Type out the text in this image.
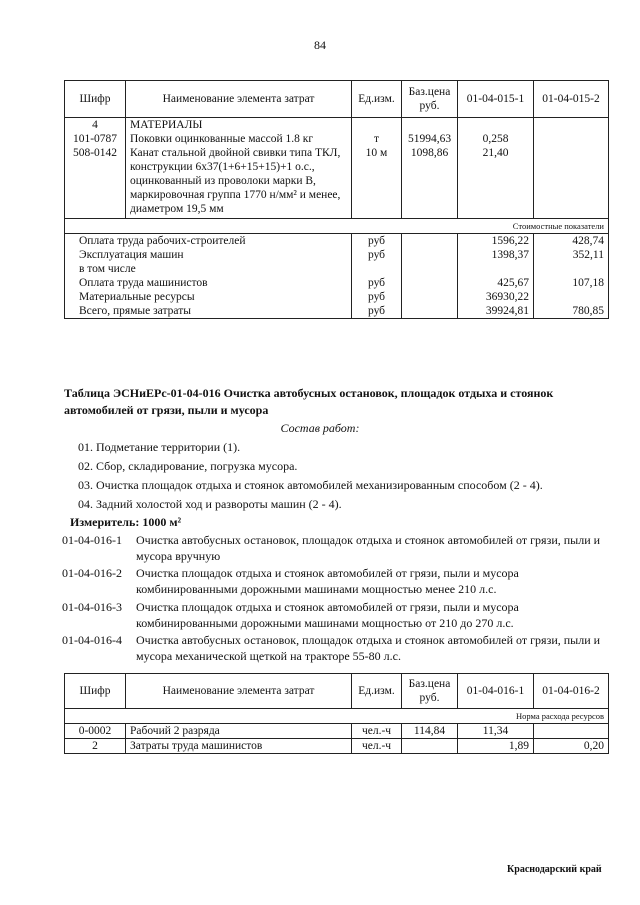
84
Шифр	Наименование элемента затрат	Ед.изм.	Баз.цена руб.	01-04-015-1	01-04-015-2
4	МАТЕРИАЛЫ				
101-0787	Поковки оцинкованные массой 1.8 кг	т	51994,63	0,258	
508-0142	Канат стальной двойной свивки типа ТКЛ, конструкции 6х37(1+6+15+15)+1 о.с., оцинкованный из проволоки марки В, маркировочная группа 1770 н/мм² и менее, диаметром 19,5 мм	10 м	1098,86	21,40	
Стоимостные показатели					
Оплата труда рабочих-строителей		руб		1596,22	428,74
Эксплуатация машин		руб		1398,37	352,11
в том числе					
Оплата труда машинистов		руб		425,67	107,18
Материальные ресурсы		руб		36930,22	
Всего, прямые затраты		руб		39924,81	780,85
Таблица ЭСНиЕРс-01-04-016 Очистка автобусных остановок, площадок отдыха и стоянок автомобилей от грязи, пыли и мусора
Состав работ:
01. Подметание территории (1).
02. Сбор, складирование, погрузка мусора.
03. Очистка площадок отдыха и стоянок автомобилей механизированным способом (2 - 4).
04. Задний холостой ход и развороты машин (2 - 4).
Измеритель: 1000 м²
01-04-016-1	Очистка автобусных остановок, площадок отдыха и стоянок автомобилей от грязи, пыли и мусора вручную
01-04-016-2	Очистка площадок отдыха и стоянок автомобилей от грязи, пыли и мусора комбинированными дорожными машинами мощностью менее 210 л.с.
01-04-016-3	Очистка площадок отдыха и стоянок автомобилей от грязи, пыли и мусора комбинированными дорожными машинами мощностью от 210 до 270 л.с.
01-04-016-4	Очистка автобусных остановок, площадок отдыха и стоянок автомобилей от грязи, пыли и мусора механической щеткой на тракторе 55-80 л.с.
Шифр	Наименование элемента затрат	Ед.изм.	Баз.цена руб.	01-04-016-1	01-04-016-2
Норма расхода ресурсов					
0-0002	Рабочий 2 разряда	чел.-ч	114,84	11,34	
2	Затраты труда машинистов	чел.-ч		1,89	0,20
Краснодарский край
